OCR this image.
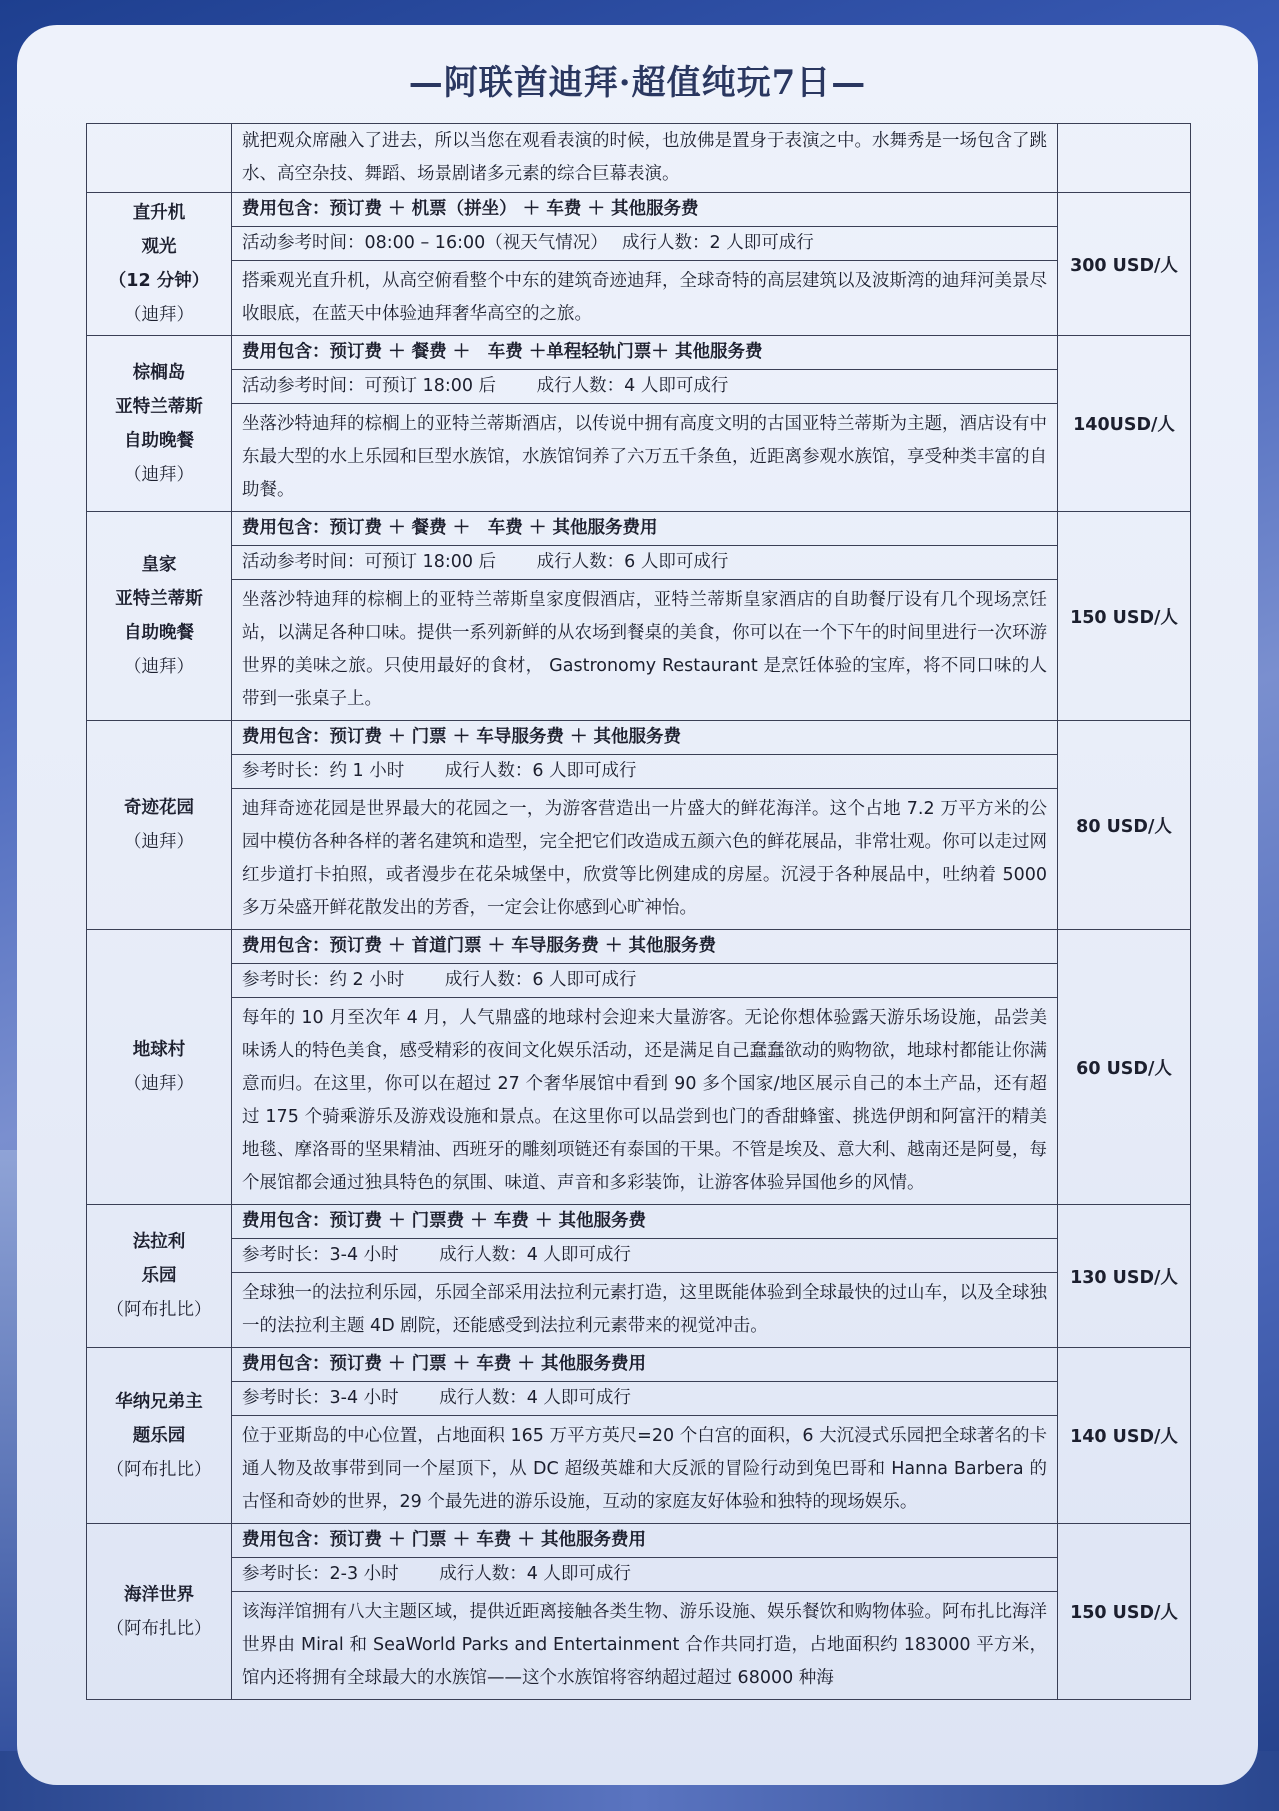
—阿联酋迪拜·超值纯玩7日—
	就把观众席融入了进去，所以当您在观看表演的时候，也放佛是置身于表演之中。水舞秀是一场包含了跳水、高空杂技、舞蹈、场景剧诸多元素的综合巨幕表演。	

直升机
观光
（12 分钟）
（迪拜）	费用包含：预订费 ＋ 机票（拼坐） ＋ 车费 ＋ 其他服务费	300 USD/人
	活动参考时间：08:00 – 16:00（视天气情况）　 成行人数：2 人即可成行	
	搭乘观光直升机，从高空俯看整个中东的建筑奇迹迪拜，全球奇特的高层建筑以及波斯湾的迪拜河美景尽收眼底，在蓝天中体验迪拜奢华高空的之旅。	

棕榈岛
亚特兰蒂斯
自助晚餐
（迪拜）	费用包含：预订费 ＋ 餐费 ＋　车费 ＋单程轻轨门票＋ 其他服务费	140USD/人
	活动参考时间：可预订 18:00 后　　 成行人数：4 人即可成行	
	坐落沙特迪拜的棕榈上的亚特兰蒂斯酒店，以传说中拥有高度文明的古国亚特兰蒂斯为主题，酒店设有中东最大型的水上乐园和巨型水族馆，水族馆饲养了六万五千条鱼，近距离参观水族馆，享受种类丰富的自助餐。	

皇家
亚特兰蒂斯
自助晚餐
（迪拜）	费用包含：预订费 ＋ 餐费 ＋　车费 ＋ 其他服务费用	150 USD/人
	活动参考时间：可预订 18:00 后　　 成行人数：6 人即可成行	
	坐落沙特迪拜的棕榈上的亚特兰蒂斯皇家度假酒店，亚特兰蒂斯皇家酒店的自助餐厅设有几个现场烹饪站，以满足各种口味。提供一系列新鲜的从农场到餐桌的美食，你可以在一个下午的时间里进行一次环游世界的美味之旅。只使用最好的食材， Gastronomy Restaurant 是烹饪体验的宝库，将不同口味的人带到一张桌子上。	

奇迹花园
（迪拜）	费用包含：预订费 ＋ 门票 ＋ 车导服务费 ＋ 其他服务费	80 USD/人
	参考时长：约 1 小时　　 成行人数：6 人即可成行	
	迪拜奇迹花园是世界最大的花园之一，为游客营造出一片盛大的鲜花海洋。这个占地 7.2 万平方米的公园中模仿各种各样的著名建筑和造型，完全把它们改造成五颜六色的鲜花展品，非常壮观。你可以走过网红步道打卡拍照，或者漫步在花朵城堡中，欣赏等比例建成的房屋。沉浸于各种展品中，吐纳着 5000 多万朵盛开鲜花散发出的芳香，一定会让你感到心旷神怡。	

地球村
（迪拜）	费用包含：预订费 ＋ 首道门票 ＋ 车导服务费 ＋ 其他服务费	60 USD/人
	参考时长：约 2 小时　　 成行人数：6 人即可成行	
	每年的 10 月至次年 4 月，人气鼎盛的地球村会迎来大量游客。无论你想体验露天游乐场设施，品尝美味诱人的特色美食，感受精彩的夜间文化娱乐活动，还是满足自己蠢蠢欲动的购物欲，地球村都能让你满意而归。在这里，你可以在超过 27 个奢华展馆中看到 90 多个国家/地区展示自己的本土产品，还有超过 175 个骑乘游乐及游戏设施和景点。在这里你可以品尝到也门的香甜蜂蜜、挑选伊朗和阿富汗的精美地毯、摩洛哥的坚果精油、西班牙的雕刻项链还有泰国的干果。不管是埃及、意大利、越南还是阿曼，每个展馆都会通过独具特色的氛围、味道、声音和多彩装饰，让游客体验异国他乡的风情。	

法拉利
乐园
（阿布扎比）	费用包含：预订费 ＋ 门票费 ＋ 车费 ＋ 其他服务费	130 USD/人
	参考时长：3-4 小时　　 成行人数：4 人即可成行	
	全球独一的法拉利乐园，乐园全部采用法拉利元素打造，这里既能体验到全球最快的过山车，以及全球独一的法拉利主题 4D 剧院，还能感受到法拉利元素带来的视觉冲击。	

华纳兄弟主
题乐园
（阿布扎比）	费用包含：预订费 ＋ 门票 ＋ 车费 ＋ 其他服务费用	140 USD/人
	参考时长：3-4 小时　　 成行人数：4 人即可成行	
	位于亚斯岛的中心位置，占地面积 165 万平方英尺=20 个白宫的面积，6 大沉浸式乐园把全球著名的卡通人物及故事带到同一个屋顶下，从 DC 超级英雄和大反派的冒险行动到兔巴哥和 Hanna Barbera 的古怪和奇妙的世界，29 个最先进的游乐设施，互动的家庭友好体验和独特的现场娱乐。	

海洋世界
（阿布扎比）	费用包含：预订费 ＋ 门票 ＋ 车费 ＋ 其他服务费用	150 USD/人
	参考时长：2-3 小时　　 成行人数：4 人即可成行	
	该海洋馆拥有八大主题区域，提供近距离接触各类生物、游乐设施、娱乐餐饮和购物体验。阿布扎比海洋世界由 Miral 和 SeaWorld Parks and Entertainment 合作共同打造，占地面积约 183000 平方米，馆内还将拥有全球最大的水族馆——这个水族馆将容纳超过超过 68000 种海	
